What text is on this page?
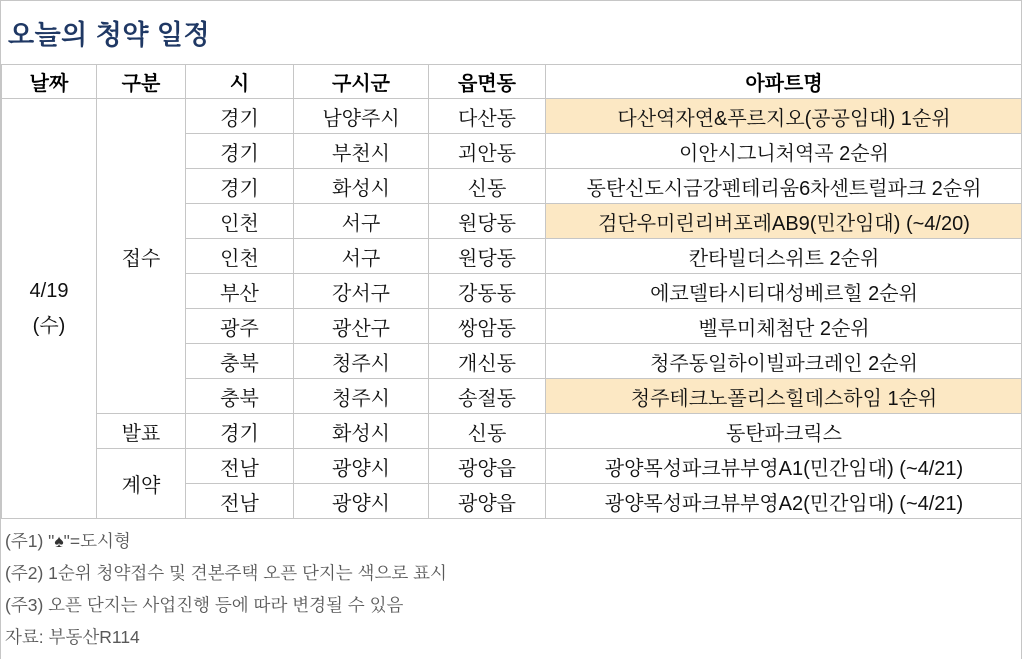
오늘의 청약 일정
날짜	구분	시	구시군	읍면동	아파트명

4/19
(수)	접수	경기	남양주시	다산동	다산역자연&푸르지오(공공임대) 1순위
		경기	부천시	괴안동	이안시그니처역곡 2순위
		경기	화성시	신동	동탄신도시금강펜테리움6차센트럴파크 2순위
		인천	서구	원당동	검단우미린리버포레AB9(민간임대) (~4/20)
		인천	서구	원당동	칸타빌더스위트 2순위
		부산	강서구	강동동	에코델타시티대성베르힐 2순위
		광주	광산구	쌍암동	벨루미체첨단 2순위
		충북	청주시	개신동	청주동일하이빌파크레인 2순위
		충북	청주시	송절동	청주테크노폴리스힐데스하임 1순위
	발표	경기	화성시	신동	동탄파크릭스
	계약	전남	광양시	광양읍	광양목성파크뷰부영A1(민간임대) (~4/21)
		전남	광양시	광양읍	광양목성파크뷰부영A2(민간임대) (~4/21)
(주1) "♠"=도시형
(주2) 1순위 청약접수 및 견본주택 오픈 단지는 색으로 표시
(주3) 오픈 단지는 사업진행 등에 따라 변경될 수 있음
자료: 부동산R114
